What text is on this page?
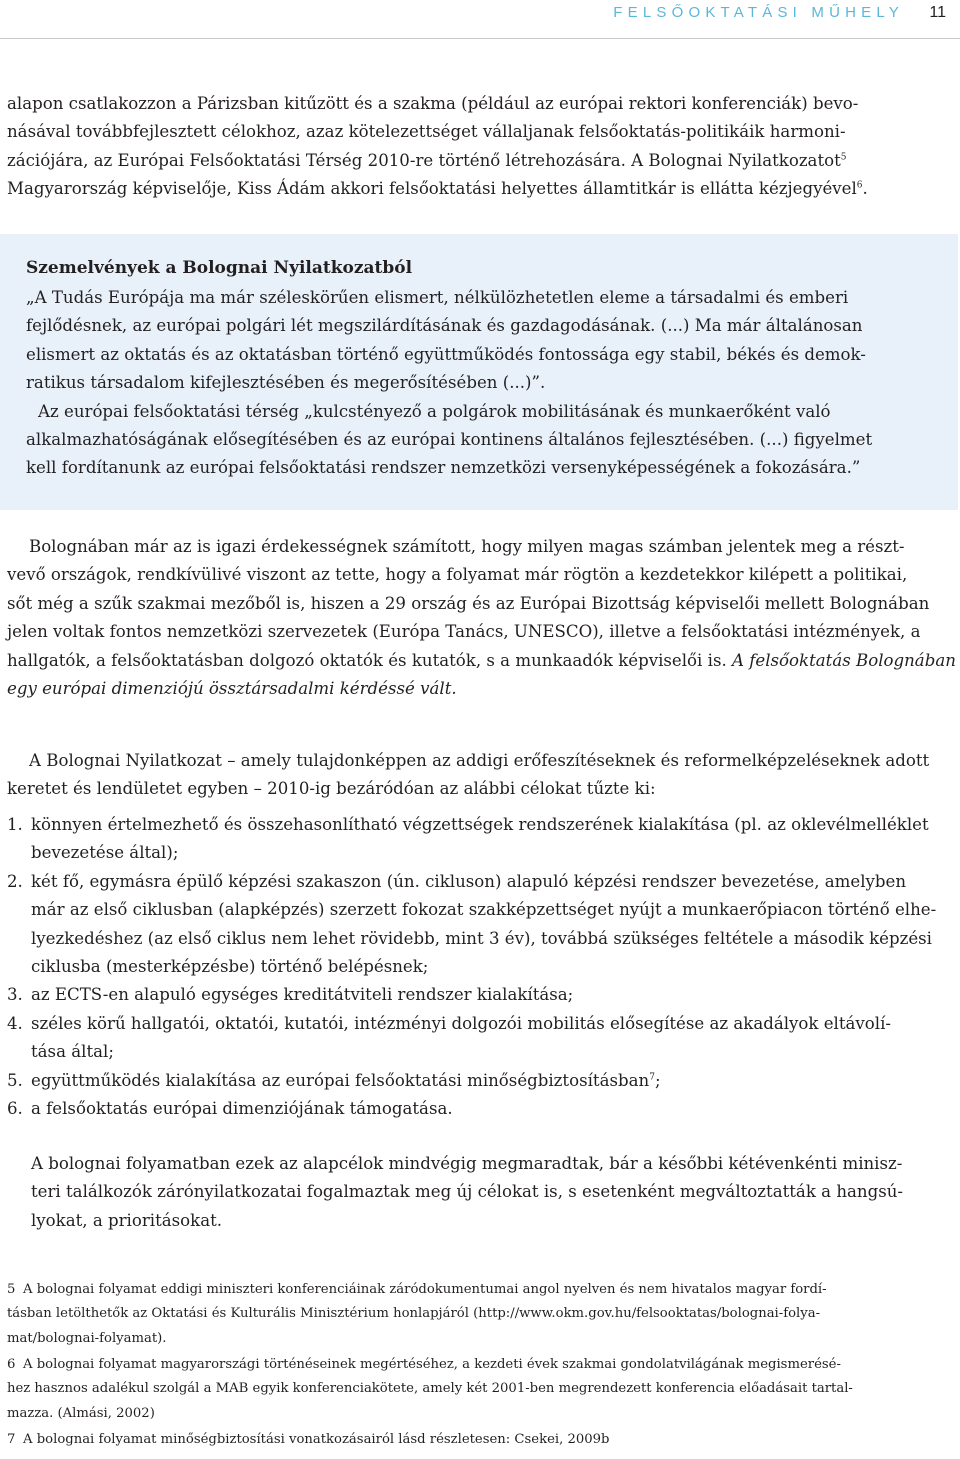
FELSŐOKTATÁSI MŰHELY 11
alapon csatlakozzon a Párizsban kitűzött és a szakma (például az európai rektori konferenciák) bevo-
násával továbbfejlesztett célokhoz, azaz kötelezettséget vállaljanak felsőoktatás-politikáik harmoni-
zációjára, az Európai Felsőoktatási Térség 2010-re történő létrehozására. A Bolognai Nyilatkozatot$^5$
Magyarország képviselője, Kiss Ádám akkori felsőoktatási helyettes államtitkár is ellátta kézjegyével$^6$.
Szemelvények a Bolognai Nyilatkozatból
„A Tudás Európája ma már széleskörűen elismert, nélkülözhetetlen eleme a társadalmi és emberi
fejlődésnek, az európai polgári lét megszilárdításának és gazdagodásának. (...) Ma már általánosan
elismert az oktatás és az oktatásban történő együttműködés fontossága egy stabil, békés és demok-
ratikus társadalom kifejlesztésében és megerősítésében (...)”.
Az európai felsőoktatási térség „kulcstényező a polgárok mobilitásának és munkaerőként való
alkalmazhatóságának elősegítésében és az európai kontinens általános fejlesztésében. (...) figyelmet
kell fordítanunk az európai felsőoktatási rendszer nemzetközi versenyképességének a fokozására.”
Bolognában már az is igazi érdekességnek számított, hogy milyen magas számban jelentek meg a részt-
vevő országok, rendkívülivé viszont az tette, hogy a folyamat már rögtön a kezdetekkor kilépett a politikai,
sőt még a szűk szakmai mezőből is, hiszen a 29 ország és az Európai Bizottság képviselői mellett Bolognában
jelen voltak fontos nemzetközi szervezetek (Európa Tanács, UNESCO), illetve a felsőoktatási intézmények, a
hallgatók, a felsőoktatásban dolgozó oktatók és kutatók, s a munkaadók képviselői is. A felsőoktatás Bolognában
egy európai dimenziójú össztársadalmi kérdéssé vált.
A Bolognai Nyilatkozat – amely tulajdonképpen az addigi erőfeszítéseknek és reformelképzeléseknek adott
keretet és lendületet egyben – 2010-ig bezáródóan az alábbi célokat tűzte ki:
1. könnyen értelmezhető és összehasonlítható végzettségek rendszerének kialakítása (pl. az oklevélmelléklet
bevezetése által);
2. két fő, egymásra épülő képzési szakaszon (ún. cikluson) alapuló képzési rendszer bevezetése, amelyben
már az első ciklusban (alapképzés) szerzett fokozat szakképzettséget nyújt a munkaerőpiacon történő elhe-
lyezkedéshez (az első ciklus nem lehet rövidebb, mint 3 év), továbbá szükséges feltétele a második képzési
ciklusba (mesterképzésbe) történő belépésnek;
3. az ECTS-en alapuló egységes kreditátviteli rendszer kialakítása;
4. széles körű hallgatói, oktatói, kutatói, intézményi dolgozói mobilitás elősegítése az akadályok eltávolí-
tása által;
5. együttműködés kialakítása az európai felsőoktatási minőségbiztosításban$^7$;
6. a felsőoktatás európai dimenziójának támogatása.
A bolognai folyamatban ezek az alapcélok mindvégig megmaradtak, bár a későbbi kétévenkénti minisz-
teri találkozók zárónyilatkozatai fogalmaztak meg új célokat is, s esetenként megváltoztatták a hangsú-
lyokat, a prioritásokat.
5 A bolognai folyamat eddigi miniszteri konferenciáinak záródokumentumai angol nyelven és nem hivatalos magyar fordí-
tásban letölthetők az Oktatási és Kulturális Minisztérium honlapjáról (http://www.okm.gov.hu/felsooktatas/bolognai-folya-
mat/bolognai-folyamat).
6 A bolognai folyamat magyarországi történéseinek megértéséhez, a kezdeti évek szakmai gondolatvilágának megismerésé-
hez hasznos adalékul szolgál a MAB egyik konferenciakötete, amely két 2001-ben megrendezett konferencia előadásait tartal-
mazza. (Almási, 2002)
7 A bolognai folyamat minőségbiztosítási vonatkozásairól lásd részletesen: Csekei, 2009b
